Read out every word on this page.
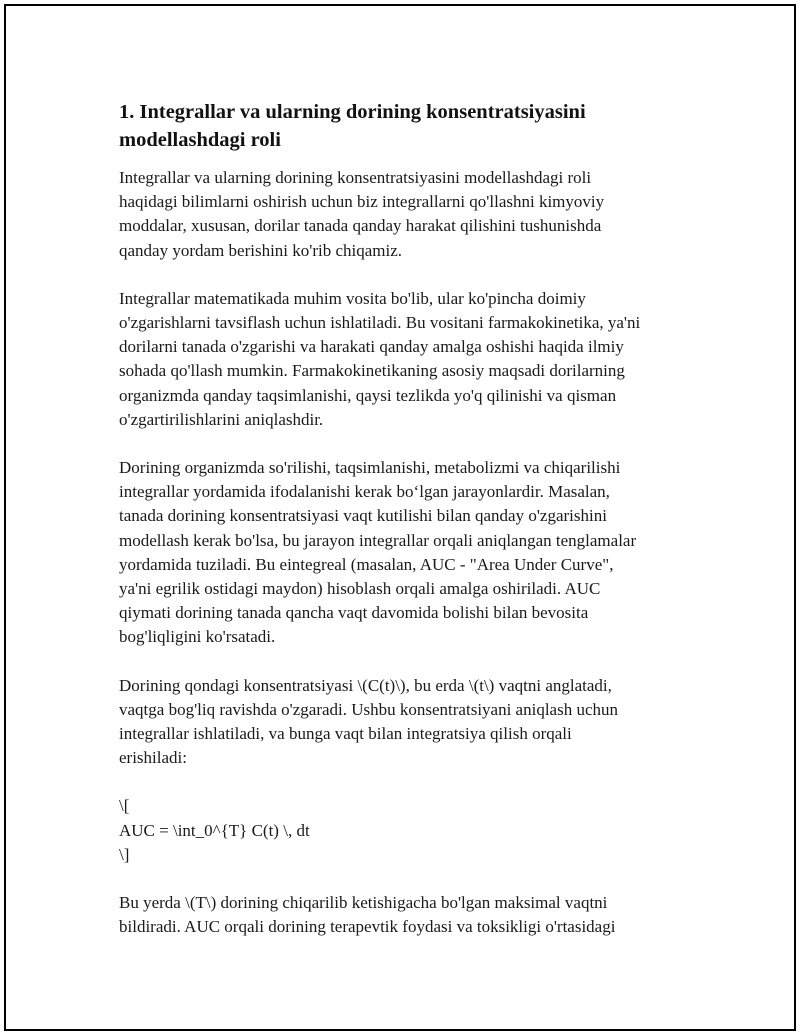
1. Integrallar va ularning dorining konsentratsiyasini
modellashdagi roli

Integrallar va ularning dorining konsentratsiyasini modellashdagi roli
haqidagi bilimlarni oshirish uchun biz integrallarni qo'llashni kimyoviy
moddalar, xususan, dorilar tanada qanday harakat qilishini tushunishda
qanday yordam berishini ko'rib chiqamiz.

Integrallar matematikada muhim vosita bo'lib, ular ko'pincha doimiy
o'zgarishlarni tavsiflash uchun ishlatiladi. Bu vositani farmakokinetika, ya'ni
dorilarni tanada o'zgarishi va harakati qanday amalga oshishi haqida ilmiy
sohada qo'llash mumkin. Farmakokinetikaning asosiy maqsadi dorilarning
organizmda qanday taqsimlanishi, qaysi tezlikda yo'q qilinishi va qisman
o'zgartirilishlarini aniqlashdir.

Dorining organizmda so'rilishi, taqsimlanishi, metabolizmi va chiqarilishi
integrallar yordamida ifodalanishi kerak bo‘lgan jarayonlardir. Masalan,
tanada dorining konsentratsiyasi vaqt kutilishi bilan qanday o'zgarishini
modellash kerak bo'lsa, bu jarayon integrallar orqali aniqlangan tenglamalar
yordamida tuziladi. Bu eintegreal (masalan, AUC - "Area Under Curve",
ya'ni egrilik ostidagi maydon) hisoblash orqali amalga oshiriladi. AUC
qiymati dorining tanada qancha vaqt davomida bolishi bilan bevosita
bog'liqligini ko'rsatadi.

Dorining qondagi konsentratsiyasi \(C(t)\), bu erda \(t\) vaqtni anglatadi,
vaqtga bog'liq ravishda o'zgaradi. Ushbu konsentratsiyani aniqlash uchun
integrallar ishlatiladi, va bunga vaqt bilan integratsiya qilish orqali
erishiladi:

\[
AUC = \int_0^{T} C(t) \, dt
\]

Bu yerda \(T\) dorining chiqarilib ketishigacha bo'lgan maksimal vaqtni
bildiradi. AUC orqali dorining terapevtik foydasi va toksikligi o'rtasidagi
